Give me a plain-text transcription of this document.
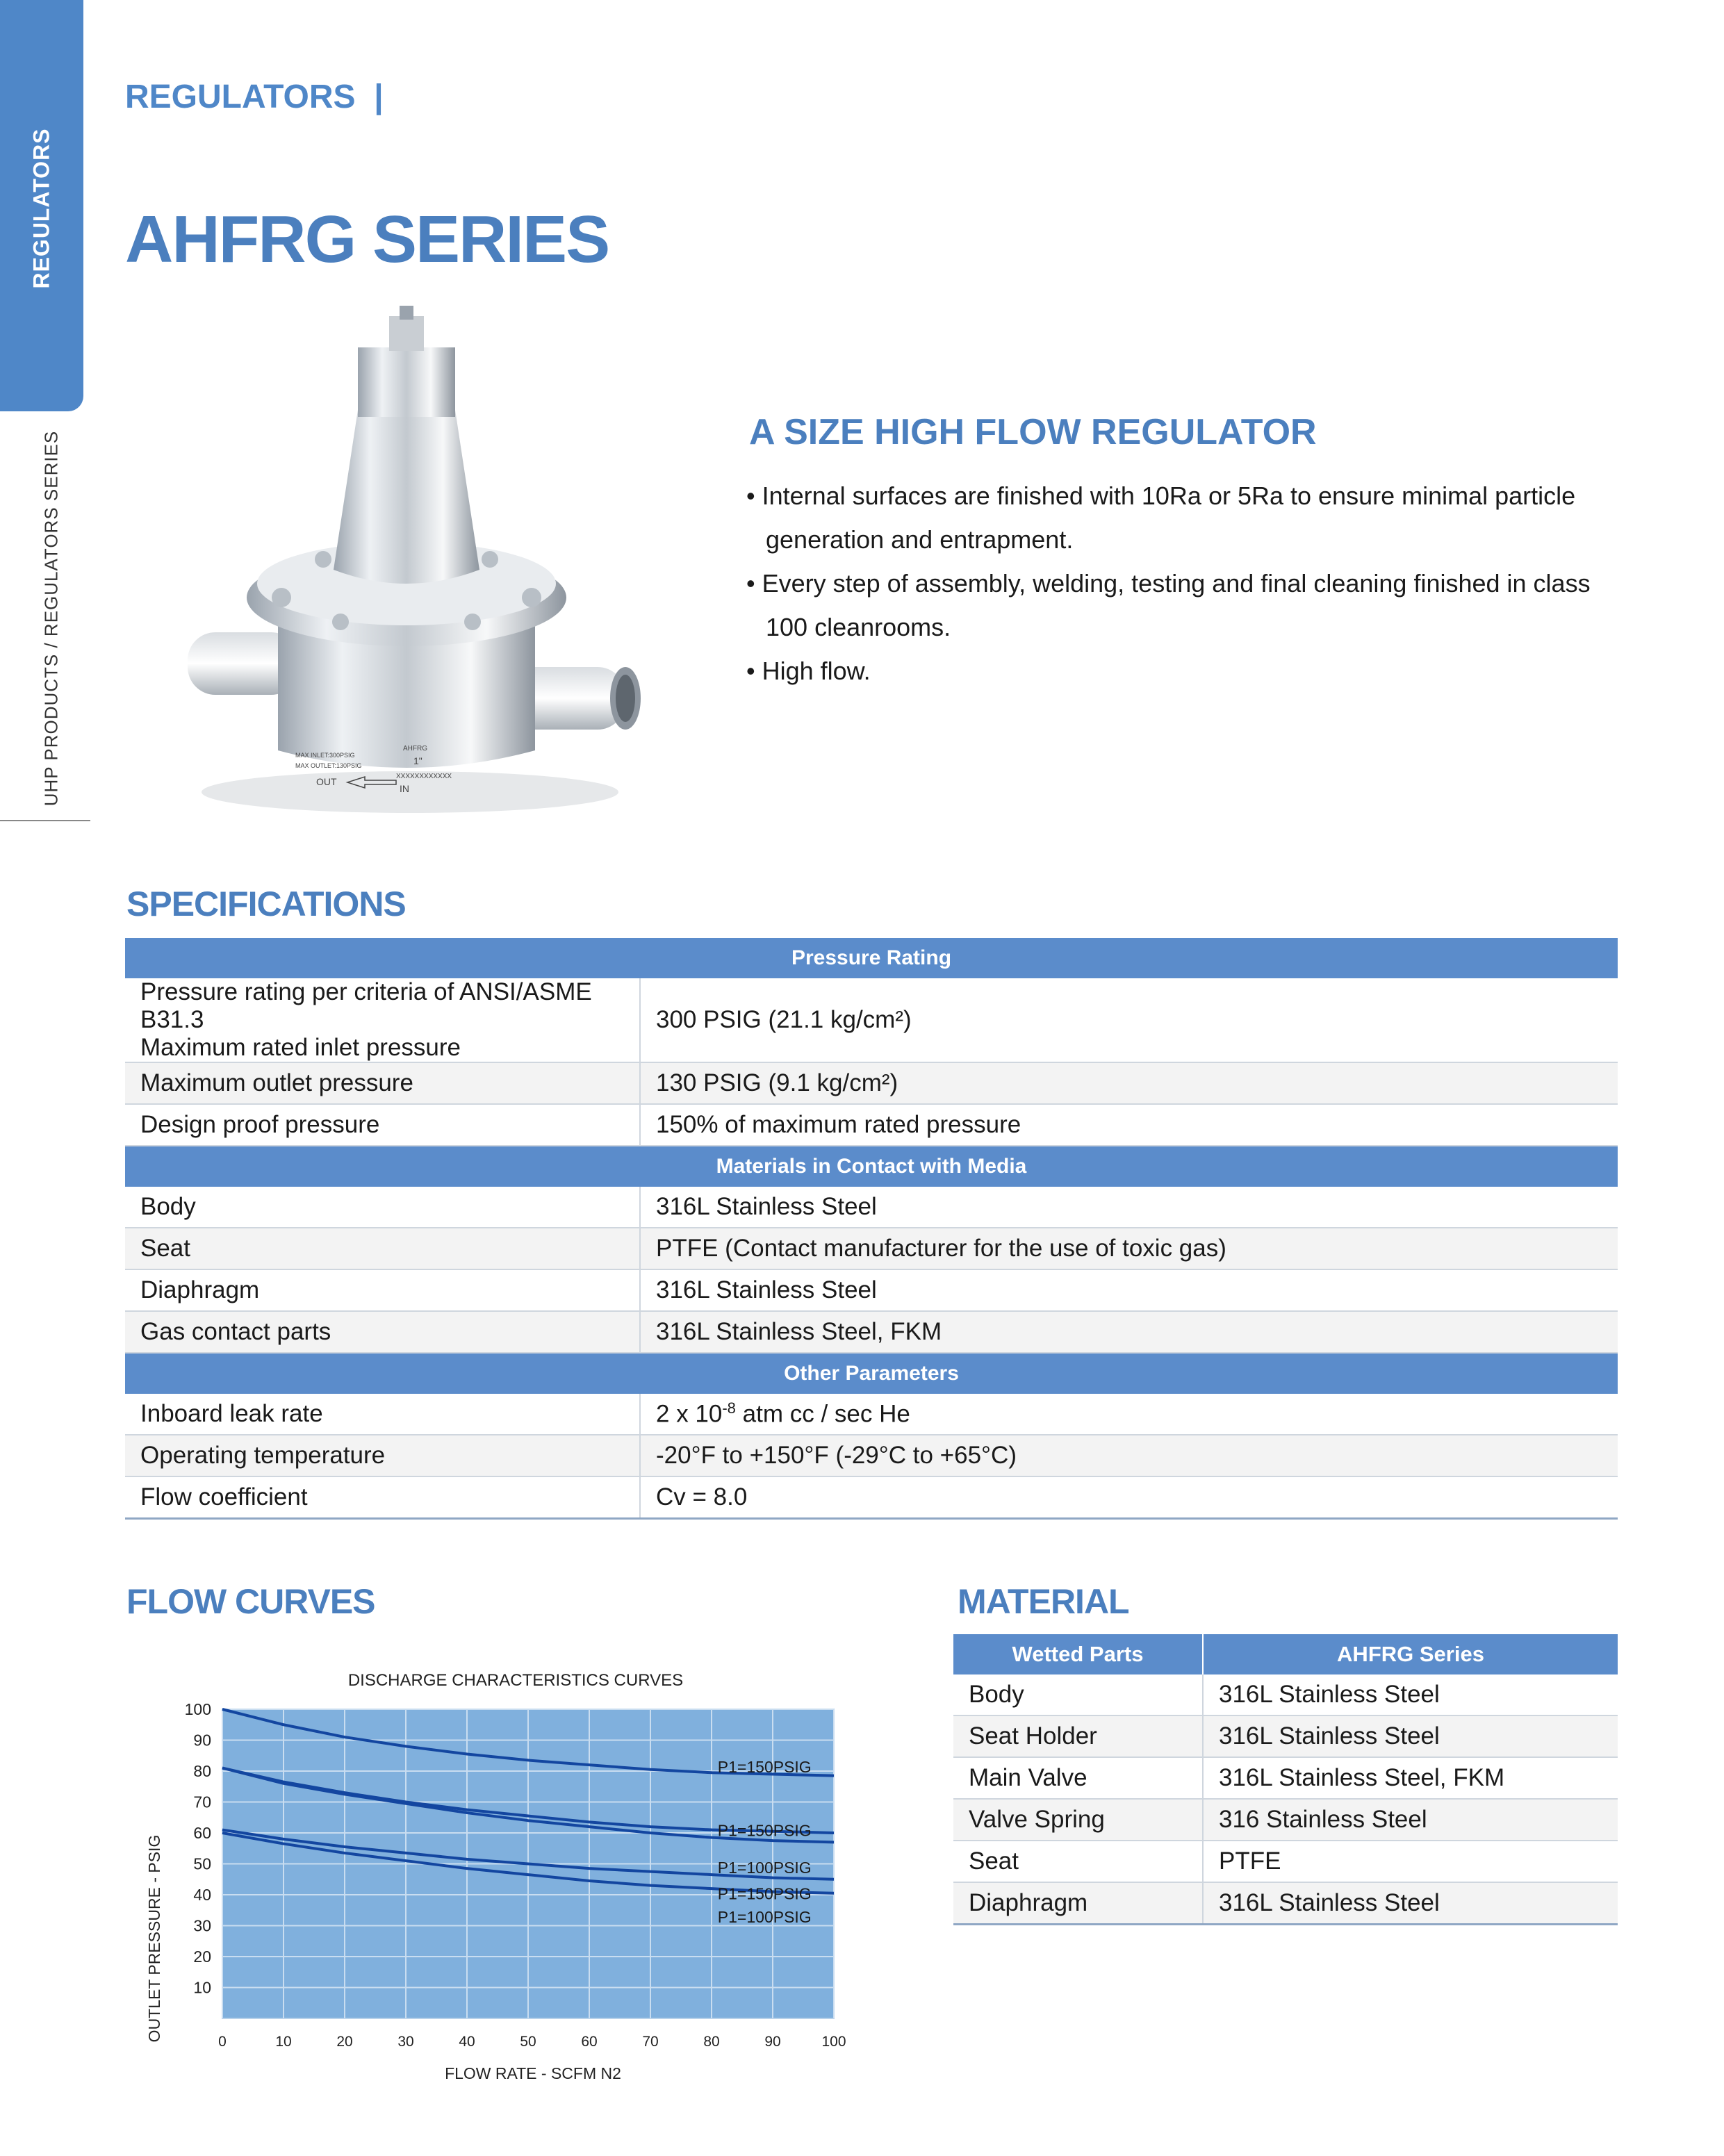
REGULATORS
UHP PRODUCTS / REGULATORS SERIES
REGULATORS  |
AHFRG SERIES
AHFRG
MAX INLET:300PSIG
MAX OUTLET:130PSIG	1"
XXXXXXXXXXXX
OUT
IN
A SIZE HIGH FLOW REGULATOR
• Internal surfaces are finished with 10Ra or 5Ra to ensure minimal particle generation and entrapment.
• Every step of assembly, welding, testing and final cleaning finished in class 100 cleanrooms.
• High flow.
SPECIFICATIONS
Pressure Rating	

Pressure rating per criteria of ANSI/ASME B31.3
Maximum rated inlet pressure	300 PSIG (21.1 kg/cm²)
Maximum outlet pressure	130 PSIG (9.1 kg/cm²)
Design proof pressure	150% of maximum rated pressure
Materials in Contact with Media	
Body	316L Stainless Steel
Seat	PTFE (Contact manufacturer for the use of toxic gas)
Diaphragm	316L Stainless Steel
Gas contact parts	316L Stainless Steel, FKM
Other Parameters	
Inboard leak rate	2 x $10^{-8}$ atm cc / sec He
Operating temperature	-20°F to +150°F (-29°C to +65°C)
Flow coefficient	Cv = 8.0
FLOW CURVES
DISCHARGE CHARACTERISTICS CURVES
0	10	20	30	40	50	60	70	80	90	100
10
20
30
40
50
60
70
80
90
100
P1=150PSIG
P1=150PSIG
P1=100PSIG
P1=150PSIG
P1=100PSIG
FLOW RATE - SCFM N2
OUTLET PRESSURE - PSIG
MATERIAL
Wetted Parts	AHFRG Series
Body	316L Stainless Steel
Seat Holder	316L Stainless Steel
Main Valve	316L Stainless Steel, FKM
Valve Spring	316 Stainless Steel
Seat	PTFE
Diaphragm	316L Stainless Steel
